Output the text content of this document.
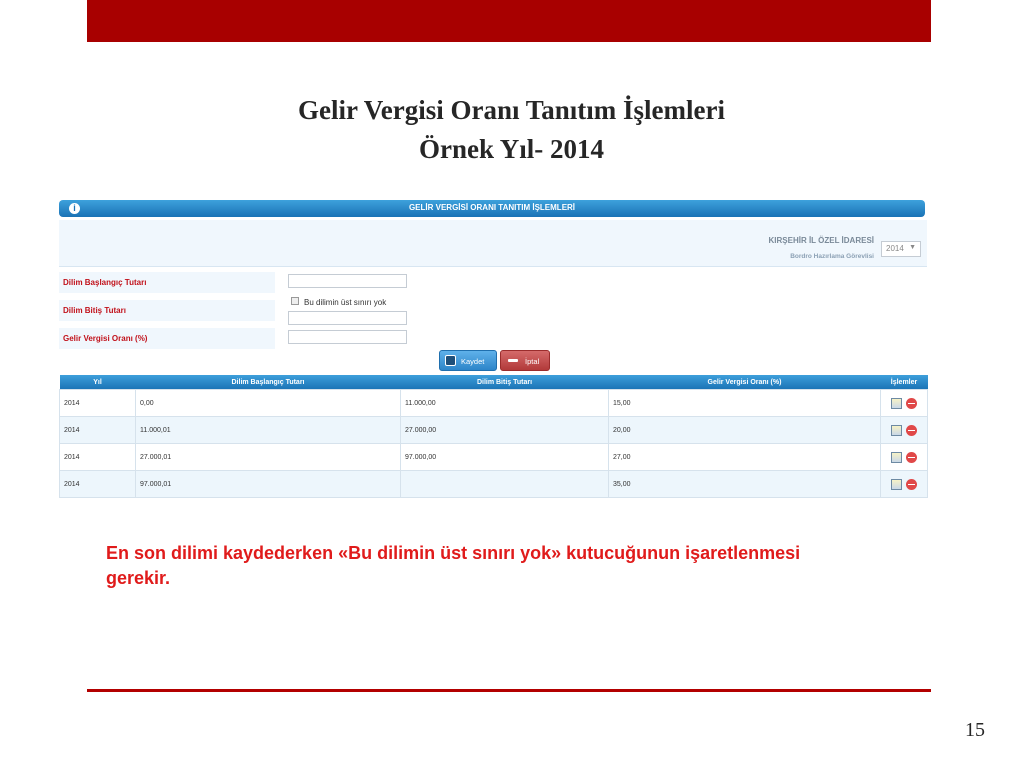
Gelir Vergisi Oranı Tanıtım İşlemleri
Örnek Yıl- 2014
i	GELİR VERGİSİ ORANI TANITIM İŞLEMLERİ
KIRŞEHİR İL ÖZEL İDARESİ
Bordro Hazırlama Görevlisi
2014 ▼
Dilim Başlangıç Tutarı
Dilim Bitiş Tutarı
Bu dilimin üst sınırı yok
Gelir Vergisi Oranı (%)
Kaydet	İptal
Yıl	Dilim Başlangıç Tutarı	Dilim Bitiş Tutarı	Gelir Vergisi Oranı (%)	İşlemler
2014	0,00	11.000,00	15,00	
2014	11.000,01	27.000,00	20,00	
2014	27.000,01	97.000,00	27,00	
2014	97.000,01		35,00	
En son dilimi kaydederken «Bu dilimin üst sınırı yok» kutucuğunun işaretlenmesi gerekir.
15
